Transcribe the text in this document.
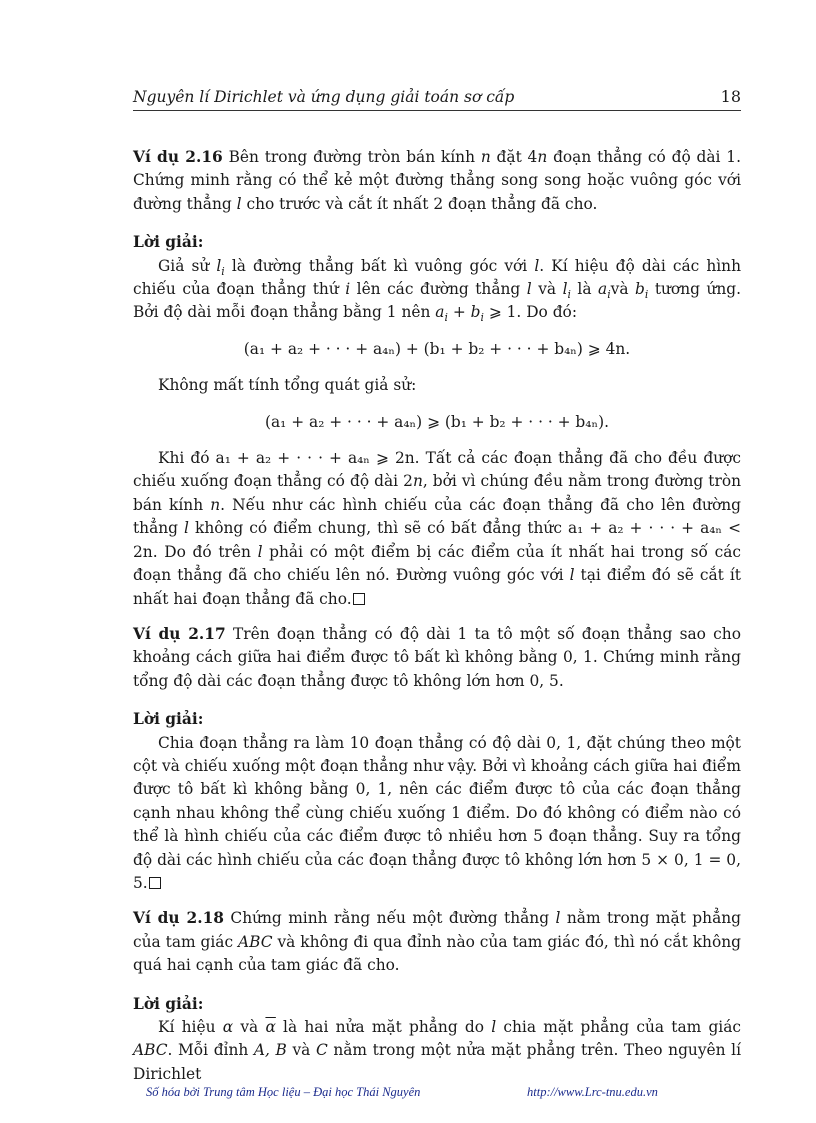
Nguyên lí Dirichlet và ứng dụng giải toán sơ cấp	18

Ví dụ 2.16 Bên trong đường tròn bán kính n đặt 4n đoạn thẳng có độ dài 1. Chứng minh rằng có thể kẻ một đường thẳng song song hoặc vuông góc với đường thẳng l cho trước và cắt ít nhất 2 đoạn thẳng đã cho.

Lời giải:

Giả sử $l_i$ là đường thẳng bất kì vuông góc với l. Kí hiệu độ dài các hình chiếu của đoạn thẳng thứ i lên các đường thẳng l và $l_i$ là $a_ivà$ $b_i$ tương ứng. Bởi độ dài mỗi đoạn thẳng bằng 1 nên $a_i + b_i$ ⩾ 1. Do đó:

(a₁ + a₂ + · · · + a₄ₙ) + (b₁ + b₂ + · · · + b₄ₙ) ⩾ 4n.

Không mất tính tổng quát giả sử:

(a₁ + a₂ + · · · + a₄ₙ) ⩾ (b₁ + b₂ + · · · + b₄ₙ).

Khi đó a₁ + a₂ + · · · + a₄ₙ ⩾ 2n. Tất cả các đoạn thẳng đã cho đều được chiếu xuống đoạn thẳng có độ dài 2n, bởi vì chúng đều nằm trong đường tròn bán kính n. Nếu như các hình chiếu của các đoạn thẳng đã cho lên đường thẳng l không có điểm chung, thì sẽ có bất đẳng thức a₁ + a₂ + · · · + a₄ₙ < 2n. Do đó trên l phải có một điểm bị các điểm của ít nhất hai trong số các đoạn thẳng đã cho chiếu lên nó. Đường vuông góc với l tại điểm đó sẽ cắt ít nhất hai đoạn thẳng đã cho.

Ví dụ 2.17 Trên đoạn thẳng có độ dài 1 ta tô một số đoạn thẳng sao cho khoảng cách giữa hai điểm được tô bất kì không bằng 0, 1. Chứng minh rằng tổng độ dài các đoạn thẳng được tô không lớn hơn 0, 5.

Lời giải:

Chia đoạn thẳng ra làm 10 đoạn thẳng có độ dài 0, 1, đặt chúng theo một cột và chiếu xuống một đoạn thẳng như vậy. Bởi vì khoảng cách giữa hai điểm được tô bất kì không bằng 0, 1, nên các điểm được tô của các đoạn thẳng cạnh nhau không thể cùng chiếu xuống 1 điểm. Do đó không có điểm nào có thể là hình chiếu của các điểm được tô nhiều hơn 5 đoạn thẳng. Suy ra tổng độ dài các hình chiếu của các đoạn thẳng được tô không lớn hơn 5 × 0, 1 = 0, 5.

Ví dụ 2.18 Chứng minh rằng nếu một đường thẳng l nằm trong mặt phẳng của tam giác ABC và không đi qua đỉnh nào của tam giác đó, thì nó cắt không quá hai cạnh của tam giác đã cho.

Lời giải:

Kí hiệu α và $\overline{\alpha}$ là hai nửa mặt phẳng do l chia mặt phẳng của tam giác ABC. Mỗi đỉnh A, B và C nằm trong một nửa mặt phẳng trên. Theo nguyên lí Dirichlet

Số hóa bởi Trung tâm Học liệu – Đại học Thái Nguyên	http://www.Lrc-tnu.edu.vn
